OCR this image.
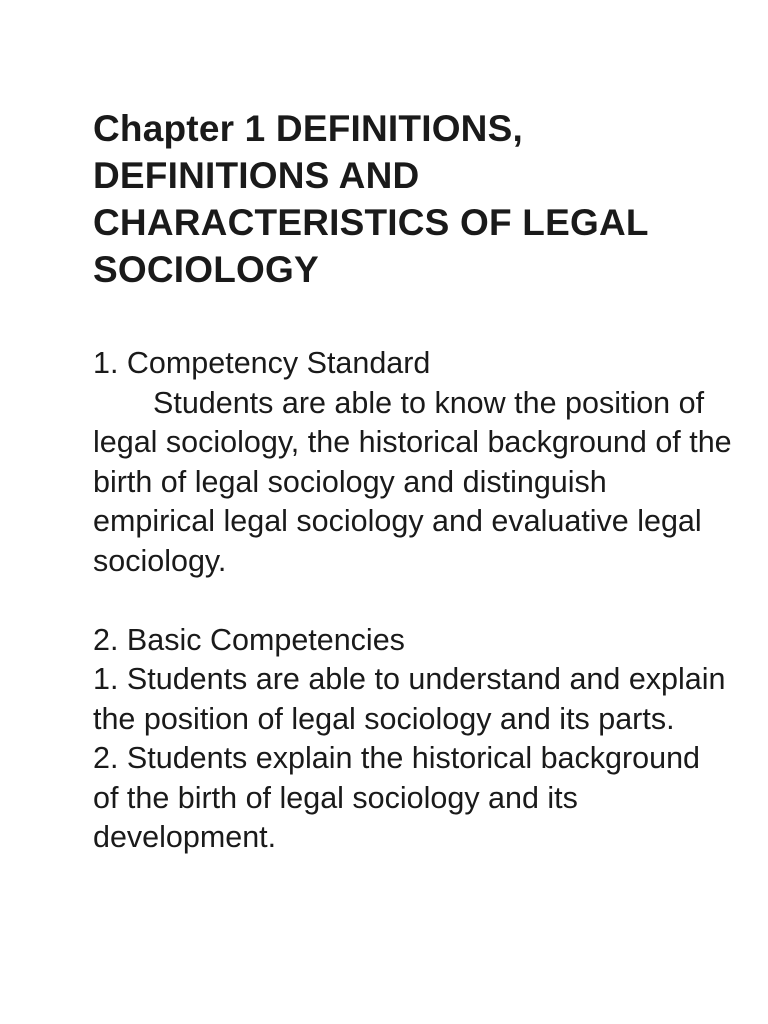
Chapter 1 DEFINITIONS, DEFINITIONS AND CHARACTERISTICS OF LEGAL SOCIOLOGY
1. Competency Standard
Students are able to know the position of legal sociology, the historical background of the birth of legal sociology and distinguish empirical legal sociology and evaluative legal sociology.
2. Basic Competencies
1. Students are able to understand and explain the position of legal sociology and its parts.
2. Students explain the historical background of the birth of legal sociology and its development.
